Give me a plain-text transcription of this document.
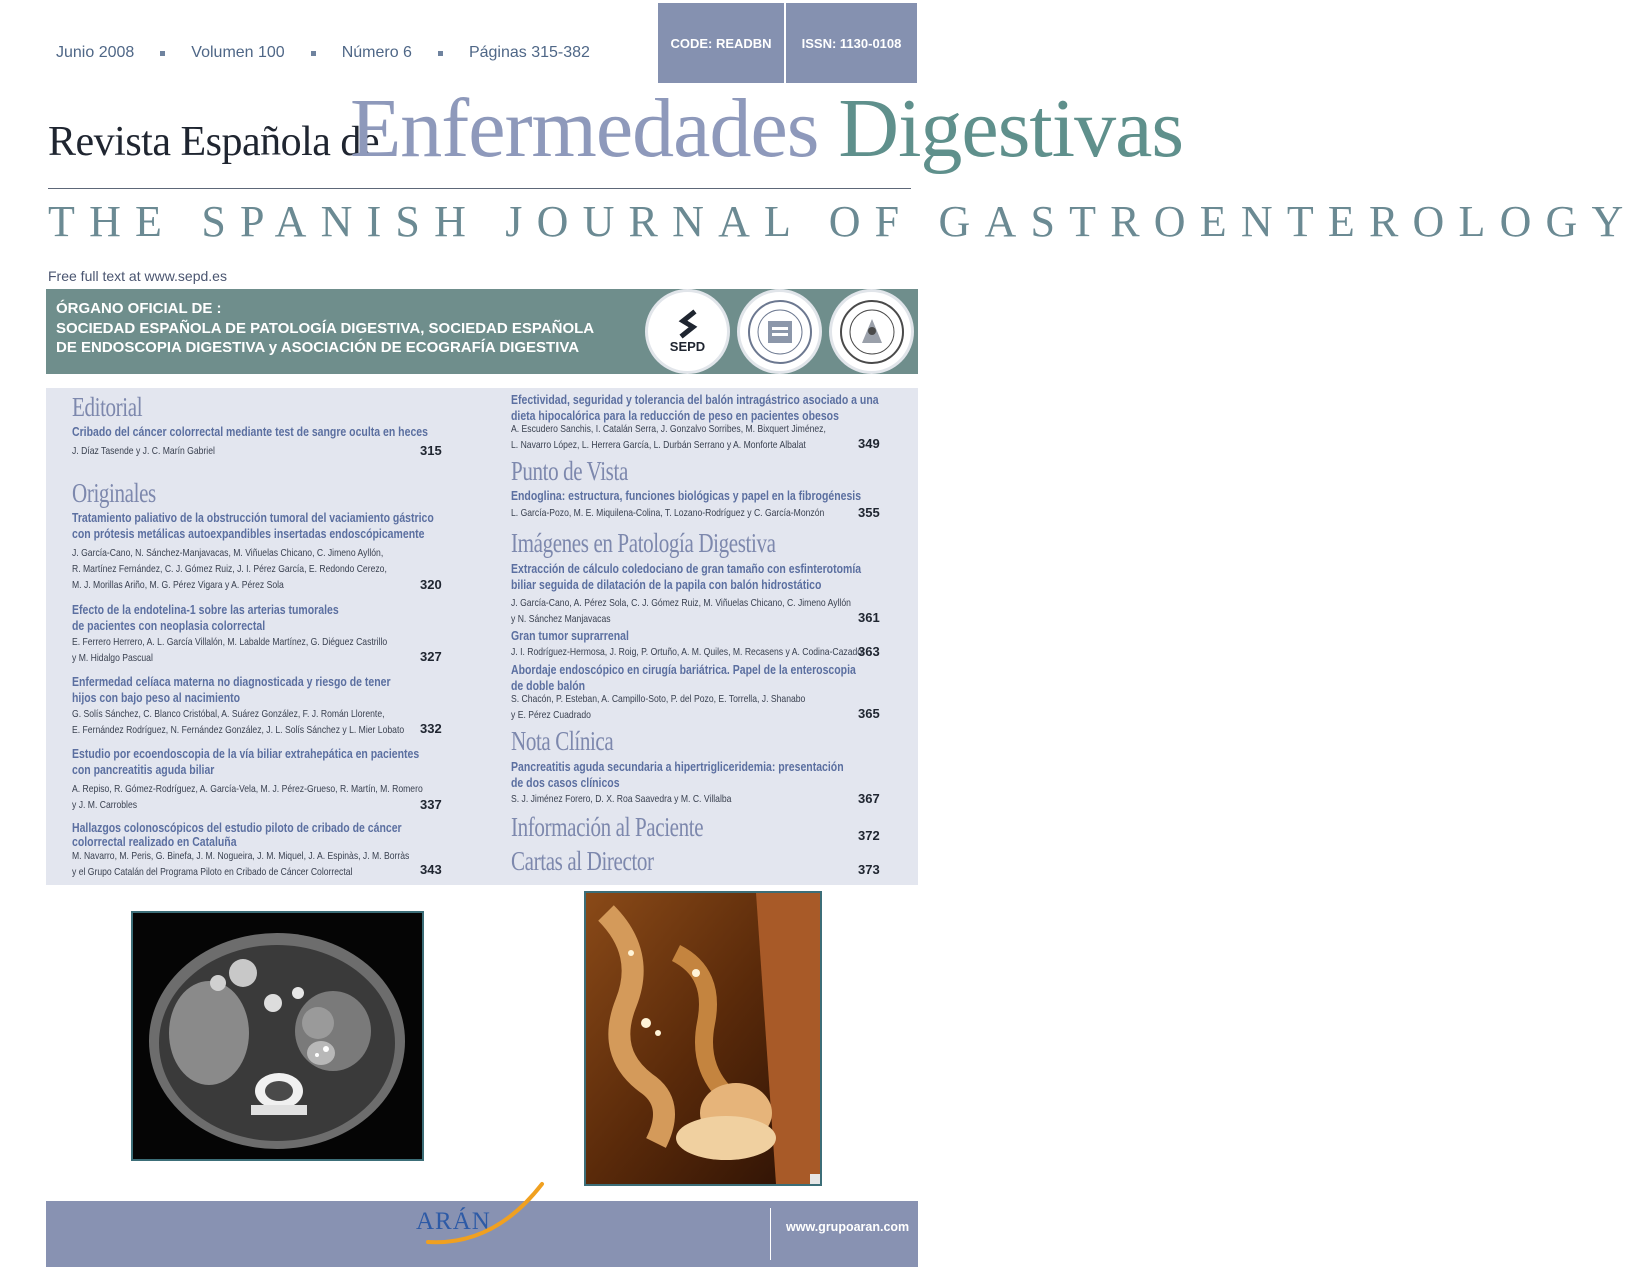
Junio 2008	Volumen 100	Número 6	Páginas 315-382
CODE: READBN	ISSN: 1130-0108
Revista Española de
Enfermedades Digestivas
THE SPANISH JOURNAL OF GASTROENTEROLOGY
Free full text at www.sepd.es
ÓRGANO OFICIAL DE :
SOCIEDAD ESPAÑOLA DE PATOLOGÍA DIGESTIVA, SOCIEDAD ESPAÑOLA
DE ENDOSCOPIA DIGESTIVA y ASOCIACIÓN DE ECOGRAFÍA DIGESTIVA	SEPD
Editorial
Cribado del cáncer colorrectal mediante test de sangre oculta en heces
J. Díaz Tasende y J. C. Marín Gabriel	315
Originales
Tratamiento paliativo de la obstrucción tumoral del vaciamiento gástrico
con prótesis metálicas autoexpandibles insertadas endoscópicamente
J. García-Cano, N. Sánchez-Manjavacas, M. Viñuelas Chicano, C. Jimeno Ayllón,
R. Martínez Fernández, C. J. Gómez Ruiz, J. I. Pérez García, E. Redondo Cerezo,
M. J. Morillas Ariño, M. G. Pérez Vigara y A. Pérez Sola	320
Efecto de la endotelina-1 sobre las arterias tumorales
de pacientes con neoplasia colorrectal
E. Ferrero Herrero, A. L. García Villalón, M. Labalde Martínez, G. Diéguez Castrillo
y M. Hidalgo Pascual	327
Enfermedad celíaca materna no diagnosticada y riesgo de tener
hijos con bajo peso al nacimiento
G. Solís Sánchez, C. Blanco Cristóbal, A. Suárez González, F. J. Román Llorente,
E. Fernández Rodríguez, N. Fernández González, J. L. Solís Sánchez y L. Mier Lobato 332
Estudio por ecoendoscopia de la vía biliar extrahepática en pacientes
con pancreatitis aguda biliar
A. Repiso, R. Gómez-Rodríguez, A. García-Vela, M. J. Pérez-Grueso, R. Martín, M. Romero
y J. M. Carrobles	337
Hallazgos colonoscópicos del estudio piloto de cribado de cáncer
colorrectal realizado en Cataluña
M. Navarro, M. Peris, G. Binefa, J. M. Nogueira, J. M. Miquel, J. A. Espinàs, J. M. Borràs
y el Grupo Catalán del Programa Piloto en Cribado de Cáncer Colorrectal	343
Efectividad, seguridad y tolerancia del balón intragástrico asociado a una
dieta hipocalórica para la reducción de peso en pacientes obesos
A. Escudero Sanchis, I. Catalán Serra, J. Gonzalvo Sorribes, M. Bixquert Jiménez,
L. Navarro López, L. Herrera García, L. Durbán Serrano y A. Monforte Albalat	349
Punto de Vista
Endoglina: estructura, funciones biológicas y papel en la fibrogénesis
L. García-Pozo, M. E. Miquilena-Colina, T. Lozano-Rodríguez y C. García-Monzón	355
Imágenes en Patología Digestiva
Extracción de cálculo coledociano de gran tamaño con esfinterotomía
biliar seguida de dilatación de la papila con balón hidrostático
J. García-Cano, A. Pérez Sola, C. J. Gómez Ruiz, M. Viñuelas Chicano, C. Jimeno Ayllón
y N. Sánchez Manjavacas	361
Gran tumor suprarrenal
J. I. Rodríguez-Hermosa, J. Roig, P. Ortuño, A. M. Quiles, M. Recasens y A. Codina-Cazador
363
Abordaje endoscópico en cirugía bariátrica. Papel de la enteroscopia
de doble balón
S. Chacón, P. Esteban, A. Campillo-Soto, P. del Pozo, E. Torrella, J. Shanabo
y E. Pérez Cuadrado	365
Nota Clínica
Pancreatitis aguda secundaria a hipertrigliceridemia: presentación
de dos casos clínicos
S. J. Jiménez Forero, D. X. Roa Saavedra y M. C. Villalba	367
Información al Paciente	372
Cartas al Director	373
ARÁN	www.grupoaran.com
